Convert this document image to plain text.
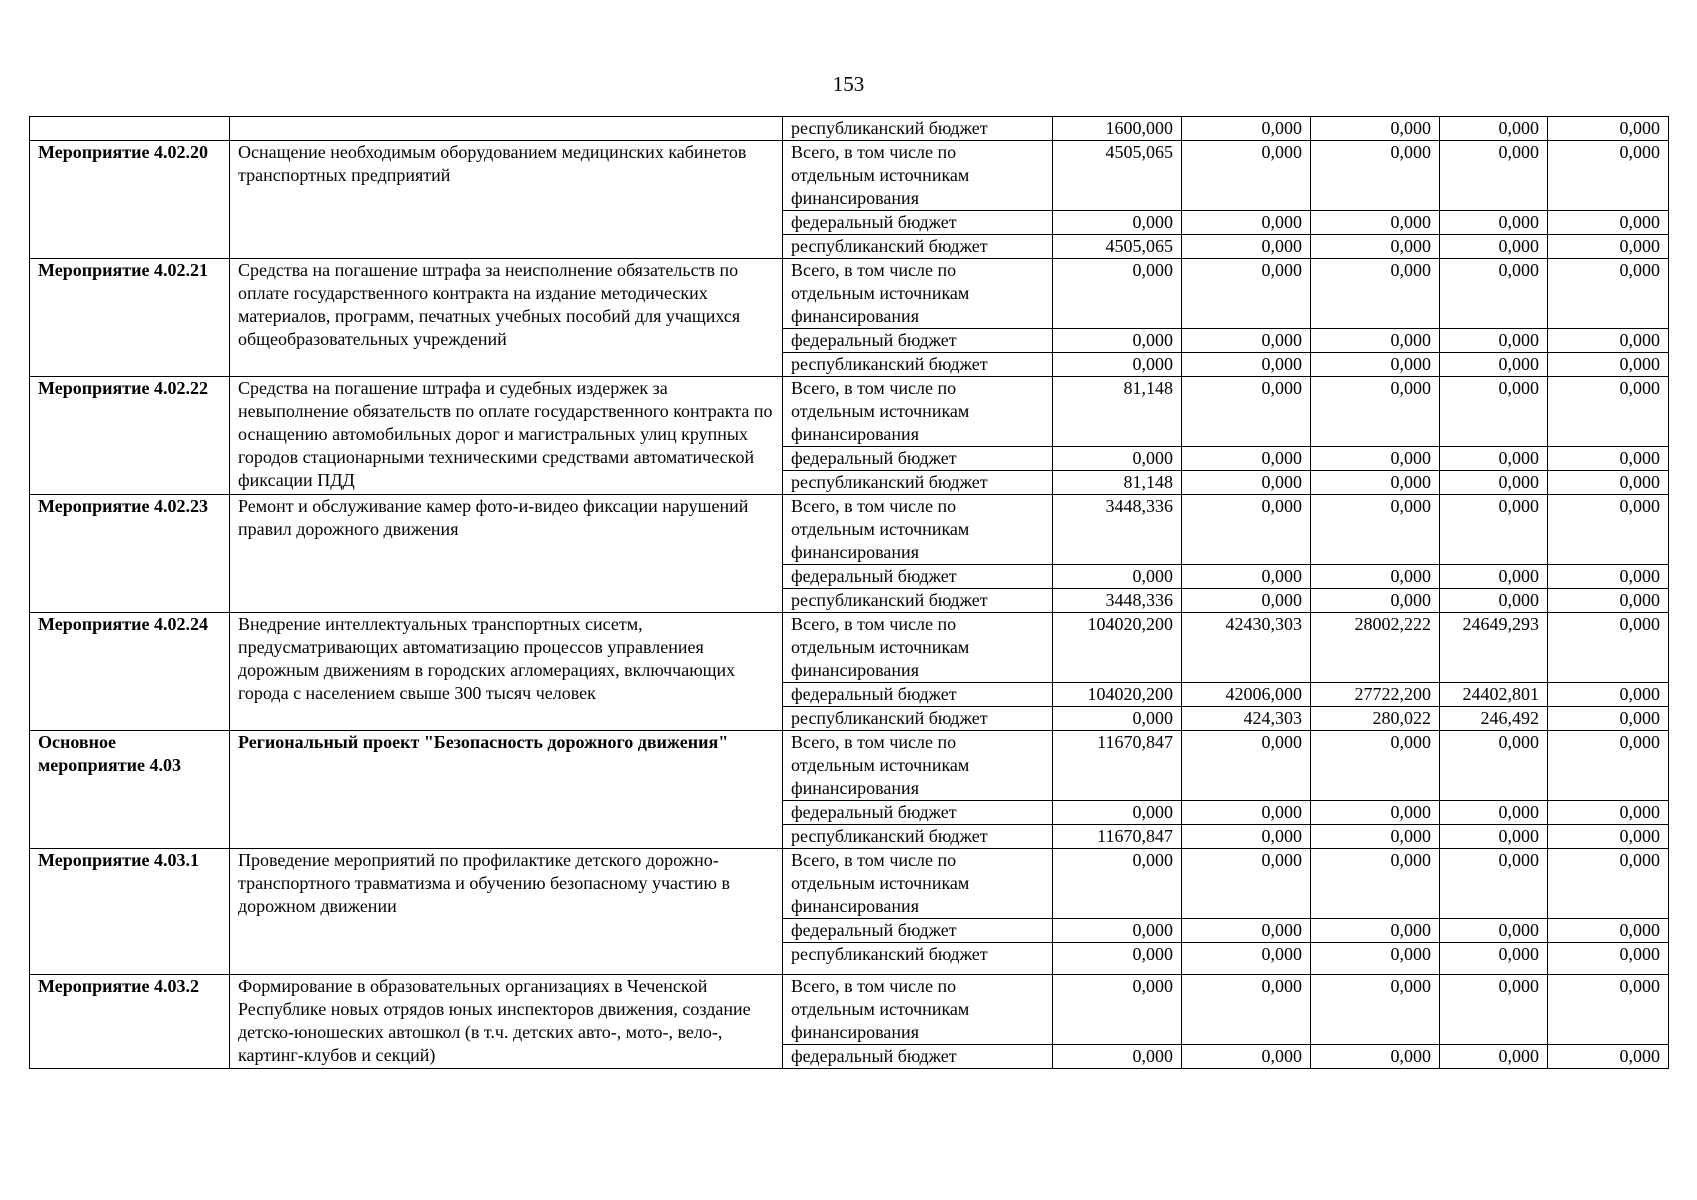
153
		республиканский бюджет	1600,000	0,000	0,000	0,000	0,000
Мероприятие 4.02.20	Оснащение необходимым оборудованием медицинских кабинетов транспортных предприятий	Всего, в том числе по отдельным источникам финансирования	4505,065	0,000	0,000	0,000	0,000
		федеральный бюджет	0,000	0,000	0,000	0,000	0,000
		республиканский бюджет	4505,065	0,000	0,000	0,000	0,000
Мероприятие 4.02.21	Средства на погашение штрафа за неисполнение обязательств по оплате государственного контракта на издание методических материалов, программ, печатных учебных пособий для учащихся общеобразовательных учреждений	Всего, в том числе по отдельным источникам финансирования	0,000	0,000	0,000	0,000	0,000
		федеральный бюджет	0,000	0,000	0,000	0,000	0,000
		республиканский бюджет	0,000	0,000	0,000	0,000	0,000
Мероприятие 4.02.22	Средства на погашение штрафа и судебных издержек за невыполнение обязательств по оплате государственного контракта по оснащению автомобильных дорог и магистральных улиц крупных городов стационарными техническими средствами автоматической фиксации ПДД	Всего, в том числе по отдельным источникам финансирования	81,148	0,000	0,000	0,000	0,000
		федеральный бюджет	0,000	0,000	0,000	0,000	0,000
		республиканский бюджет	81,148	0,000	0,000	0,000	0,000
Мероприятие 4.02.23	Ремонт и обслуживание камер фото-и-видео фиксации нарушений правил дорожного движения	Всего, в том числе по отдельным источникам финансирования	3448,336	0,000	0,000	0,000	0,000
		федеральный бюджет	0,000	0,000	0,000	0,000	0,000
		республиканский бюджет	3448,336	0,000	0,000	0,000	0,000
Мероприятие 4.02.24	Внедрение интеллектуальных транспортных сисетм, предусматривающих автоматизацию процессов управлениея дорожным движениям в городских агломерациях, включчающих города с населением свыше 300 тысяч человек	Всего, в том числе по отдельным источникам финансирования	104020,200	42430,303	28002,222	24649,293	0,000
		федеральный бюджет	104020,200	42006,000	27722,200	24402,801	0,000
		республиканский бюджет	0,000	424,303	280,022	246,492	0,000
Основное мероприятие 4.03	Региональный проект "Безопасность дорожного движения"	Всего, в том числе по отдельным источникам финансирования	11670,847	0,000	0,000	0,000	0,000
		федеральный бюджет	0,000	0,000	0,000	0,000	0,000
		республиканский бюджет	11670,847	0,000	0,000	0,000	0,000
Мероприятие 4.03.1	Проведение мероприятий по профилактике детского дорожно-транспортного травматизма и обучению безопасному участию в дорожном движении	Всего, в том числе по отдельным источникам финансирования	0,000	0,000	0,000	0,000	0,000
		федеральный бюджет	0,000	0,000	0,000	0,000	0,000
		республиканский бюджет	0,000	0,000	0,000	0,000	0,000
Мероприятие 4.03.2	Формирование в образовательных организациях в Чеченской Республике новых отрядов юных инспекторов движения, создание детско-юношеских автошкол (в т.ч. детских авто-, мото-, вело-, картинг-клубов и секций)	Всего, в том числе по отдельным источникам финансирования	0,000	0,000	0,000	0,000	0,000
		федеральный бюджет	0,000	0,000	0,000	0,000	0,000
